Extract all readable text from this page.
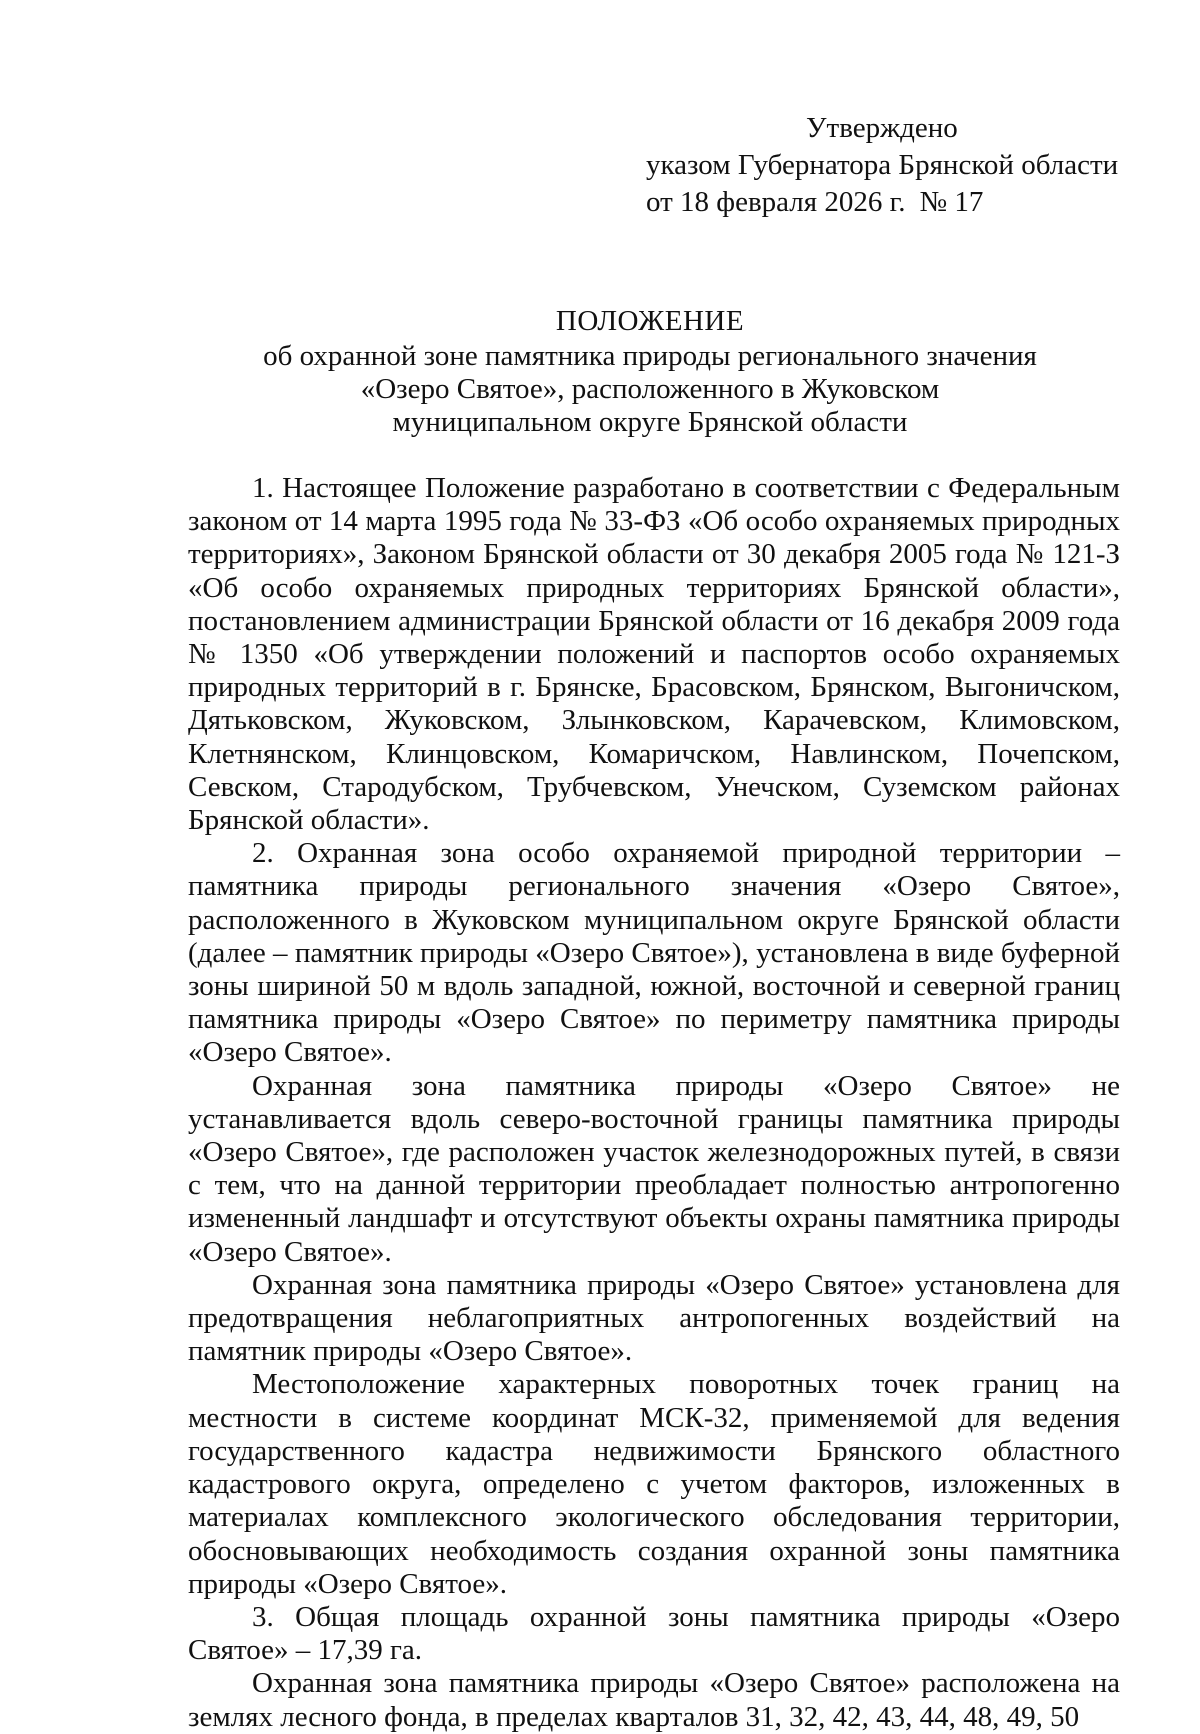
Утверждено
указом Губернатора Брянской области
от 18 февраля 2026 г. № 17
ПОЛОЖЕНИЕ
об охранной зоне памятника природы регионального значения
«Озеро Святое», расположенного в Жуковском
муниципальном округе Брянской области

1. Настоящее Положение разработано в соответствии с Федеральным законом от 14 марта 1995 года № 33-ФЗ «Об особо охраняемых природных территориях», Законом Брянской области от 30 декабря 2005 года № 121-З «Об особо охраняемых природных территориях Брянской области», постановлением администрации Брянской области от 16 декабря 2009 года № 1350 «Об утверждении положений и паспортов особо охраняемых природных территорий в г. Брянске, Брасовском, Брянском, Выгоничском, Дятьковском, Жуковском, Злынковском, Карачевском, Климовском, Клетнянском, Клинцовском, Комаричском, Навлинском, Почепском, Севском, Стародубском, Трубчевском, Унечском, Суземском районах Брянской области».

2. Охранная зона особо охраняемой природной территории – памятника природы регионального значения «Озеро Святое», расположенного в Жуковском муниципальном округе Брянской области (далее – памятник природы «Озеро Святое»), установлена в виде буферной зоны шириной 50 м вдоль западной, южной, восточной и северной границ памятника природы «Озеро Святое» по периметру памятника природы «Озеро Святое».

Охранная зона памятника природы «Озеро Святое» не устанавливается вдоль северо-восточной границы памятника природы «Озеро Святое», где расположен участок железнодорожных путей, в связи с тем, что на данной территории преобладает полностью антропогенно измененный ландшафт и отсутствуют объекты охраны памятника природы «Озеро Святое».

Охранная зона памятника природы «Озеро Святое» установлена для предотвращения неблагоприятных антропогенных воздействий на памятник природы «Озеро Святое».

Местоположение характерных поворотных точек границ на местности в системе координат МСК-32, применяемой для ведения государственного кадастра недвижимости Брянского областного кадастрового округа, определено с учетом факторов, изложенных в материалах комплексного экологического обследования территории, обосновывающих необходимость создания охранной зоны памятника природы «Озеро Святое».

3. Общая площадь охранной зоны памятника природы «Озеро Святое» – 17,39 га.

Охранная зона памятника природы «Озеро Святое» расположена на землях лесного фонда, в пределах кварталов 31, 32, 42, 43, 44, 48, 49, 50
